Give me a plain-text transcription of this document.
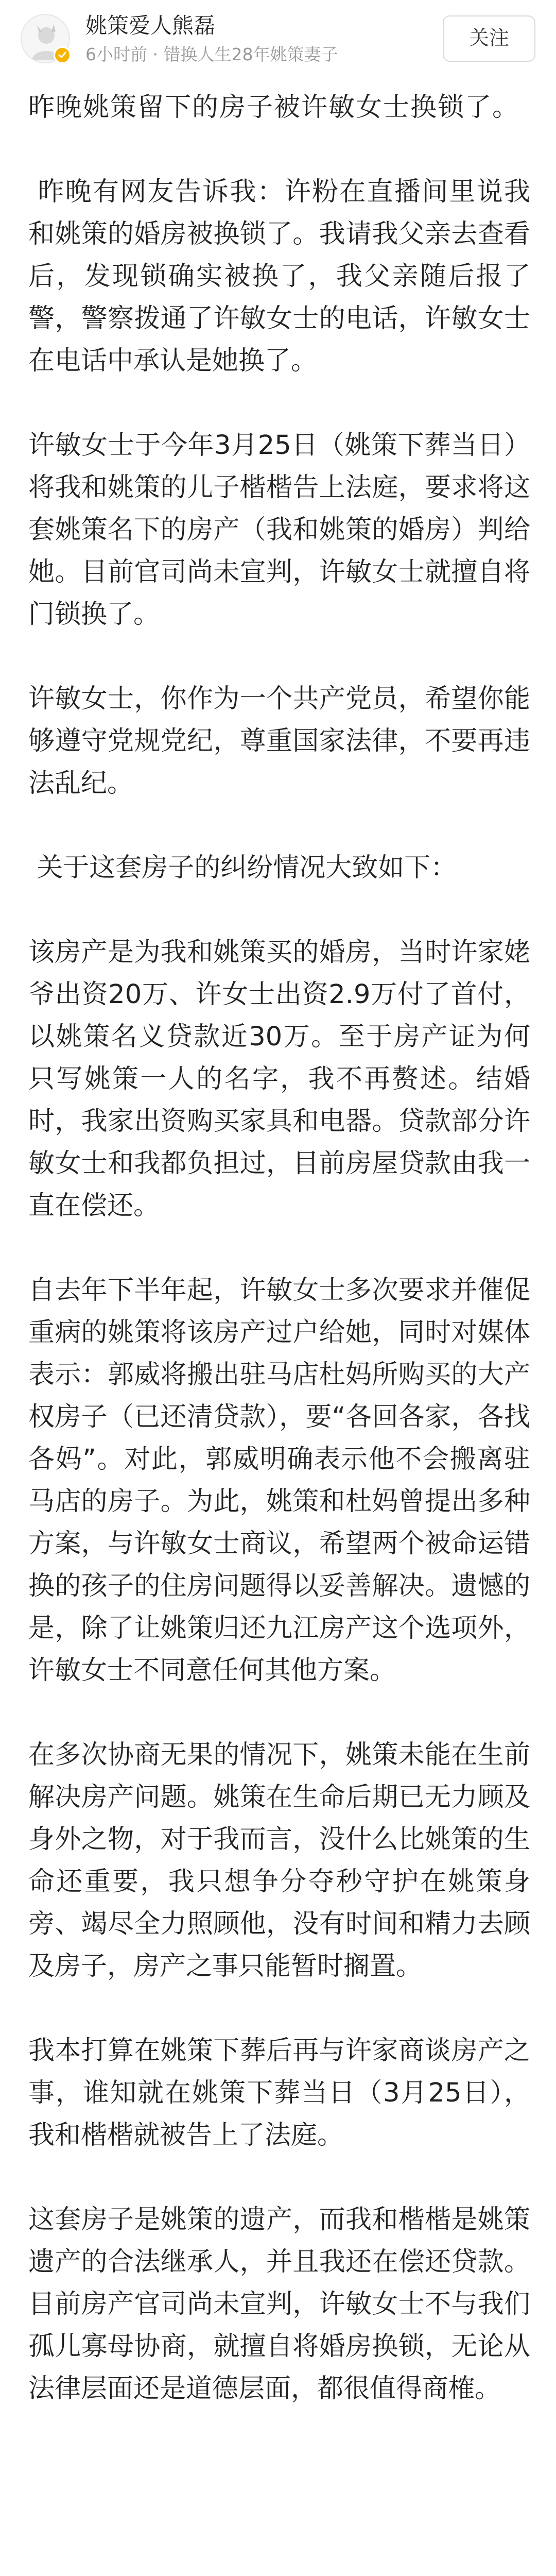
姚策爱人熊磊
6小时前 · 错换人生28年姚策妻子
关注

昨晚姚策留下的房子被许敏女士换锁了。

昨晚有网友告诉我：许粉在直播间里说我和姚策的婚房被换锁了。我请我父亲去查看后，发现锁确实被换了，我父亲随后报了警，警察拨通了许敏女士的电话，许敏女士在电话中承认是她换了。

许敏女士于今年3月25日（姚策下葬当日）将我和姚策的儿子楷楷告上法庭，要求将这套姚策名下的房产（我和姚策的婚房）判给她。目前官司尚未宣判，许敏女士就擅自将门锁换了。

许敏女士，你作为一个共产党员，希望你能够遵守党规党纪，尊重国家法律，不要再违法乱纪。

关于这套房子的纠纷情况大致如下：

该房产是为我和姚策买的婚房，当时许家姥爷出资20万、许女士出资2.9万付了首付，以姚策名义贷款近30万。至于房产证为何只写姚策一人的名字，我不再赘述。结婚时，我家出资购买家具和电器。贷款部分许敏女士和我都负担过，目前房屋贷款由我一直在偿还。

自去年下半年起，许敏女士多次要求并催促重病的姚策将该房产过户给她，同时对媒体表示：郭威将搬出驻马店杜妈所购买的大产权房子（已还清贷款），要“各回各家，各找各妈”。对此，郭威明确表示他不会搬离驻马店的房子。为此，姚策和杜妈曾提出多种方案，与许敏女士商议，希望两个被命运错换的孩子的住房问题得以妥善解决。遗憾的是，除了让姚策归还九江房产这个选项外，许敏女士不同意任何其他方案。

在多次协商无果的情况下，姚策未能在生前解决房产问题。姚策在生命后期已无力顾及身外之物，对于我而言，没什么比姚策的生命还重要，我只想争分夺秒守护在姚策身旁、竭尽全力照顾他，没有时间和精力去顾及房子，房产之事只能暂时搁置。

我本打算在姚策下葬后再与许家商谈房产之事，谁知就在姚策下葬当日（3月25日），我和楷楷就被告上了法庭。

这套房子是姚策的遗产，而我和楷楷是姚策遗产的合法继承人，并且我还在偿还贷款。目前房产官司尚未宣判，许敏女士不与我们孤儿寡母协商，就擅自将婚房换锁，无论从法律层面还是道德层面，都很值得商榷。
